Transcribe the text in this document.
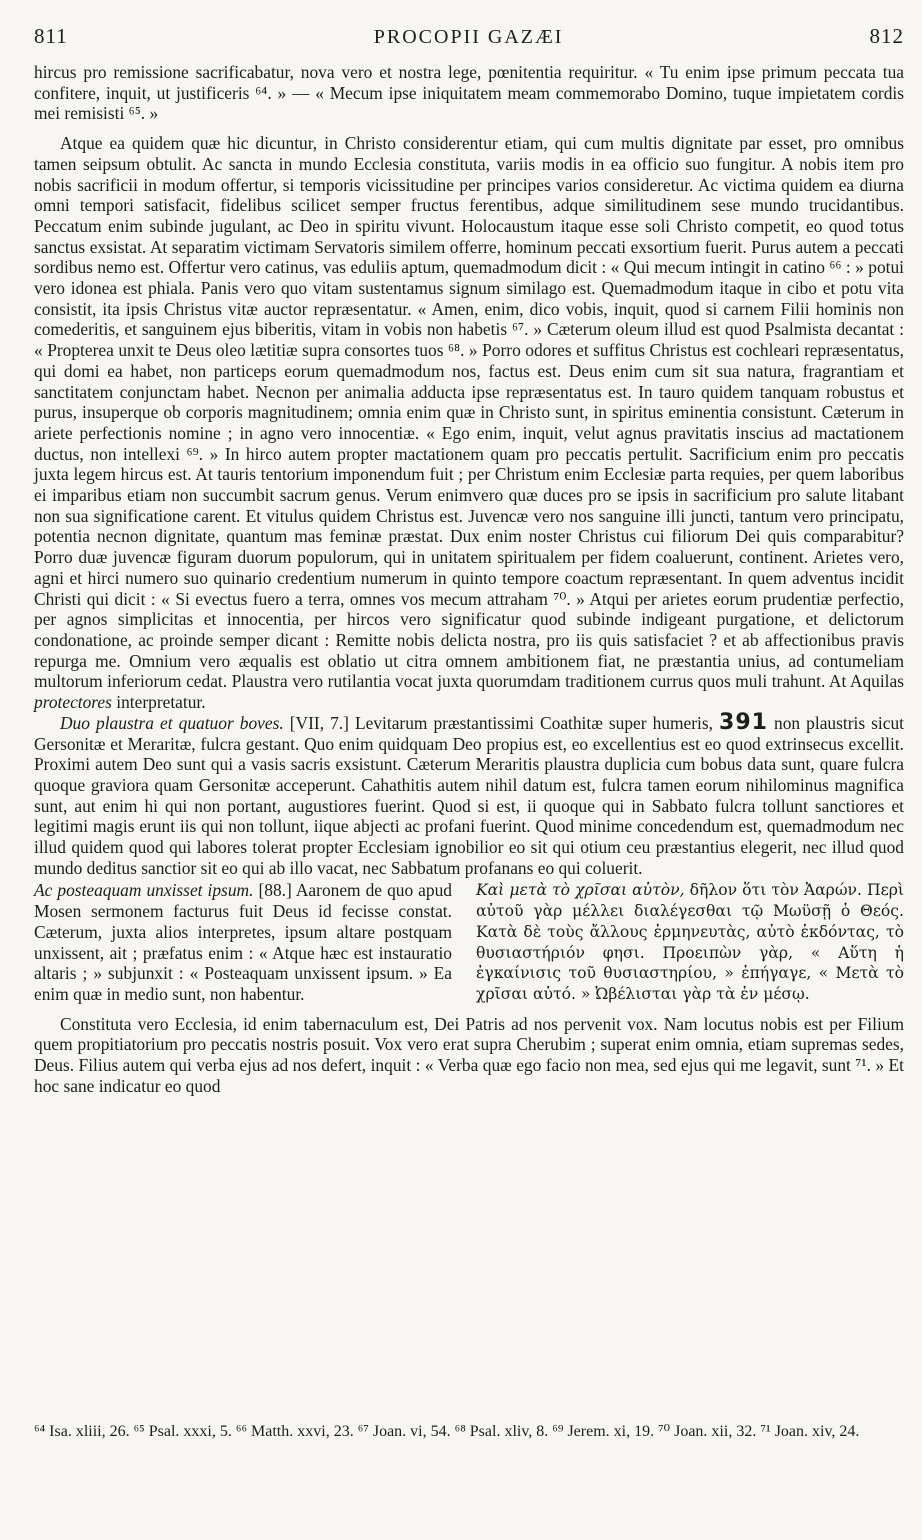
811	PROCOPII GAZÆI	812

hircus pro remissione sacrificabatur, nova vero et nostra lege, pœnitentia requiritur. « Tu enim ipse primum peccata tua confitere, inquit, ut justificeris ⁶⁴. » — « Mecum ipse iniquitatem meam commemorabo Domino, tuque impietatem cordis mei remisisti ⁶⁵. »

Atque ea quidem quæ hic dicuntur, in Christo considerentur etiam, qui cum multis dignitate par esset, pro omnibus tamen seipsum obtulit. Ac sancta in mundo Ecclesia constituta, variis modis in ea officio suo fungitur. A nobis item pro nobis sacrificii in modum offertur, si temporis vicissitudine per principes varios consideretur. Ac victima quidem ea diurna omni tempori satisfacit, fidelibus scilicet semper fructus ferentibus, adque similitudinem sese mundo trucidantibus. Peccatum enim subinde jugulant, ac Deo in spiritu vivunt. Holocaustum itaque esse soli Christo competit, eo quod totus sanctus exsistat. At separatim victimam Servatoris similem offerre, hominum peccati exsortium fuerit. Purus autem a peccati sordibus nemo est. Offertur vero catinus, vas eduliis aptum, quemadmodum dicit : « Qui mecum intingit in catino ⁶⁶ : » potui vero idonea est phiala. Panis vero quo vitam sustentamus signum similago est. Quemadmodum itaque in cibo et potu vita consistit, ita ipsis Christus vitæ auctor repræsentatur. « Amen, enim, dico vobis, inquit, quod si carnem Filii hominis non comederitis, et sanguinem ejus biberitis, vitam in vobis non habetis ⁶⁷. » Cæterum oleum illud est quod Psalmista decantat : « Propterea unxit te Deus oleo lætitiæ supra consortes tuos ⁶⁸. » Porro odores et suffitus Christus est cochleari repræsentatus, qui domi ea habet, non particeps eorum quemadmodum nos, factus est. Deus enim cum sit sua natura, fragrantiam et sanctitatem conjunctam habet. Necnon per animalia adducta ipse repræsentatus est. In tauro quidem tanquam robustus et purus, insuperque ob corporis magnitudinem; omnia enim quæ in Christo sunt, in spiritus eminentia consistunt. Cæterum in ariete perfectionis nomine ; in agno vero innocentiæ. « Ego enim, inquit, velut agnus pravitatis inscius ad mactationem ductus, non intellexi ⁶⁹. » In hirco autem propter mactationem quam pro peccatis pertulit. Sacrificium enim pro peccatis juxta legem hircus est. At tauris tentorium imponendum fuit ; per Christum enim Ecclesiæ parta requies, per quem laboribus ei imparibus etiam non succumbit sacrum genus. Verum enimvero quæ duces pro se ipsis in sacrificium pro salute litabant non sua significatione carent. Et vitulus quidem Christus est. Juvencæ vero nos sanguine illi juncti, tantum vero principatu, potentia necnon dignitate, quantum mas feminæ præstat. Dux enim noster Christus cui filiorum Dei quis comparabitur? Porro duæ juvencæ figuram duorum populorum, qui in unitatem spiritualem per fidem coaluerunt, continent. Arietes vero, agni et hirci numero suo quinario credentium numerum in quinto tempore coactum repræsentant. In quem adventus incidit Christi qui dicit : « Si evectus fuero a terra, omnes vos mecum attraham ⁷⁰. » Atqui per arietes eorum prudentiæ perfectio, per agnos simplicitas et innocentia, per hircos vero significatur quod subinde indigeant purgatione, et delictorum condonatione, ac proinde semper dicant : Remitte nobis delicta nostra, pro iis quis satisfaciet ? et ab affectionibus pravis repurga me. Omnium vero æqualis est oblatio ut citra omnem ambitionem fiat, ne præstantia unius, ad contumeliam multorum inferiorum cedat. Plaustra vero rutilantia vocat juxta quorumdam traditionem currus quos muli trahunt. At Aquilas protectores interpretatur.

Duo plaustra et quatuor boves. [VII, 7.] Levitarum præstantissimi Coathitæ super humeris, 391 non plaustris sicut Gersonitæ et Meraritæ, fulcra gestant. Quo enim quidquam Deo propius est, eo excellentius est eo quod extrinsecus excellit. Proximi autem Deo sunt qui a vasis sacris exsistunt. Cæterum Meraritis plaustra duplicia cum bobus data sunt, quare fulcra quoque graviora quam Gersonitæ acceperunt. Cahathitis autem nihil datum est, fulcra tamen eorum nihilominus magnifica sunt, aut enim hi qui non portant, augustiores fuerint. Quod si est, ii quoque qui in Sabbato fulcra tollunt sanctiores et legitimi magis erunt iis qui non tollunt, iique abjecti ac profani fuerint. Quod minime concedendum est, quemadmodum nec illud quidem quod qui labores tolerat propter Ecclesiam ignobilior eo sit qui otium ceu præstantius elegerit, nec illud quod mundo deditus sanctior sit eo qui ab illo vacat, nec Sabbatum profanans eo qui coluerit.

Ac posteaquam unxisset ipsum. [88.] Aaronem de quo apud Mosen sermonem facturus fuit Deus id fecisse constat. Cæterum, juxta alios interpretes, ipsum altare postquam unxissent, ait ; præfatus enim : « Atque hæc est instauratio altaris ; » subjunxit : « Posteaquam unxissent ipsum. » Ea enim quæ in medio sunt, non habentur.
Καὶ μετὰ τὸ χρῖσαι αὐτὸν, δῆλον ὅτι τὸν Ἀαρών. Περὶ αὐτοῦ γὰρ μέλλει διαλέγεσθαι τῷ Μωϋσῇ ὁ Θεός. Κατὰ δὲ τοὺς ἄλλους ἑρμηνευτὰς, αὐτὸ ἐκδόντας, τὸ θυσιαστήριόν φησι. Προειπὼν γὰρ, « Αὕτη ἡ ἐγκαίνισις τοῦ θυσιαστηρίου, » ἐπήγαγε, « Μετὰ τὸ χρῖσαι αὐτό. » Ὠβέλισται γὰρ τὰ ἐν μέσῳ.

Constituta vero Ecclesia, id enim tabernaculum est, Dei Patris ad nos pervenit vox. Nam locutus nobis est per Filium quem propitiatorium pro peccatis nostris posuit. Vox vero erat supra Cherubim ; superat enim omnia, etiam supremas sedes, Deus. Filius autem qui verba ejus ad nos defert, inquit : « Verba quæ ego facio non mea, sed ejus qui me legavit, sunt ⁷¹. » Et hoc sane indicatur eo quod

⁶⁴ Isa. xliii, 26. ⁶⁵ Psal. xxxi, 5. ⁶⁶ Matth. xxvi, 23. ⁶⁷ Joan. vi, 54. ⁶⁸ Psal. xliv, 8. ⁶⁹ Jerem. xi, 19. ⁷⁰ Joan. xii, 32. ⁷¹ Joan. xiv, 24.
